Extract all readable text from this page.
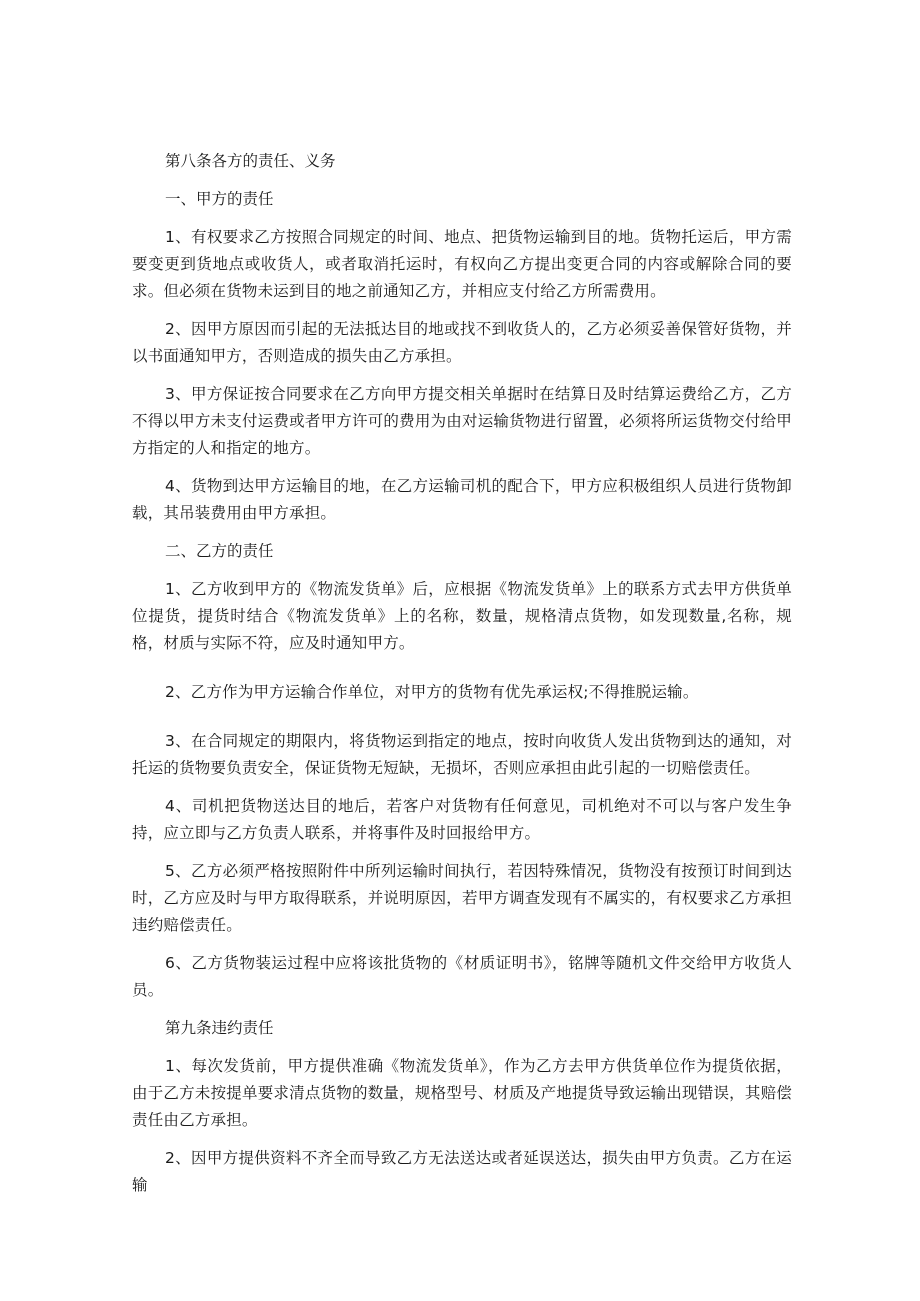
第八条各方的责任、义务

一、甲方的责任

1、有权要求乙方按照合同规定的时间、地点、把货物运输到目的地。货物托运后，甲方需要变更到货地点或收货人，或者取消托运时，有权向乙方提出变更合同的内容或解除合同的要求。但必须在货物未运到目的地之前通知乙方，并相应支付给乙方所需费用。

2、因甲方原因而引起的无法抵达目的地或找不到收货人的，乙方必须妥善保管好货物，并以书面通知甲方，否则造成的损失由乙方承担。

3、甲方保证按合同要求在乙方向甲方提交相关单据时在结算日及时结算运费给乙方，乙方不得以甲方未支付运费或者甲方许可的费用为由对运输货物进行留置，必须将所运货物交付给甲方指定的人和指定的地方。

4、货物到达甲方运输目的地，在乙方运输司机的配合下，甲方应积极组织人员进行货物卸载，其吊装费用由甲方承担。

二、乙方的责任

1、乙方收到甲方的《物流发货单》后，应根据《物流发货单》上的联系方式去甲方供货单位提货，提货时结合《物流发货单》上的名称，数量，规格清点货物，如发现数量,名称，规格，材质与实际不符，应及时通知甲方。

2、乙方作为甲方运输合作单位，对甲方的货物有优先承运权;不得推脱运输。

3、在合同规定的期限内，将货物运到指定的地点，按时向收货人发出货物到达的通知，对托运的货物要负责安全，保证货物无短缺，无损坏，否则应承担由此引起的一切赔偿责任。

4、司机把货物送达目的地后，若客户对货物有任何意见，司机绝对不可以与客户发生争持，应立即与乙方负责人联系，并将事件及时回报给甲方。

5、乙方必须严格按照附件中所列运输时间执行，若因特殊情况，货物没有按预订时间到达时，乙方应及时与甲方取得联系，并说明原因，若甲方调查发现有不属实的，有权要求乙方承担违约赔偿责任。

6、乙方货物装运过程中应将该批货物的《材质证明书》，铭牌等随机文件交给甲方收货人员。

第九条违约责任

1、每次发货前，甲方提供准确《物流发货单》，作为乙方去甲方供货单位作为提货依据，由于乙方未按提单要求清点货物的数量，规格型号、材质及产地提货导致运输出现错误，其赔偿责任由乙方承担。

2、因甲方提供资料不齐全而导致乙方无法送达或者延误送达，损失由甲方负责。乙方在运输
